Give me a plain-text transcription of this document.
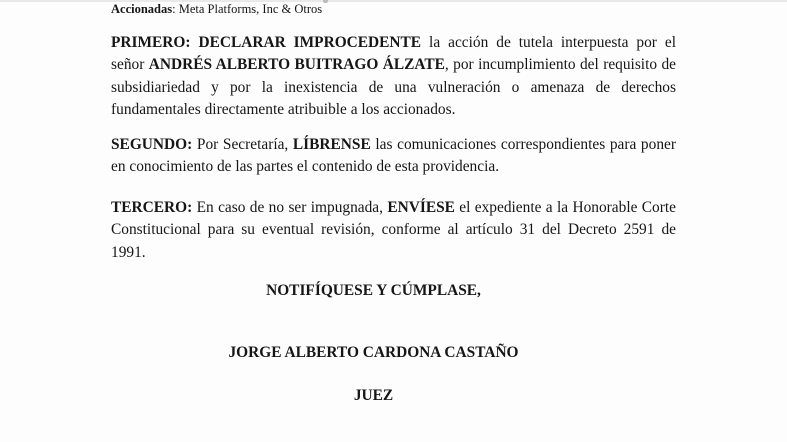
Accionadas: Meta Platforms, Inc & Otros

PRIMERO: DECLARAR IMPROCEDENTE la acción de tutela interpuesta por el señor ANDRÉS ALBERTO BUITRAGO ÁLZATE, por incumplimiento del requisito de subsidiariedad y por la inexistencia de una vulneración o amenaza de derechos fundamentales directamente atribuible a los accionados.

SEGUNDO: Por Secretaría, LÍBRENSE las comunicaciones correspondientes para poner en conocimiento de las partes el contenido de esta providencia.

TERCERO: En caso de no ser impugnada, ENVÍESE el expediente a la Honorable Corte Constitucional para su eventual revisión, conforme al artículo 31 del Decreto 2591 de 1991.

NOTIFÍQUESE Y CÚMPLASE,
JORGE ALBERTO CARDONA CASTAÑO
JUEZ
